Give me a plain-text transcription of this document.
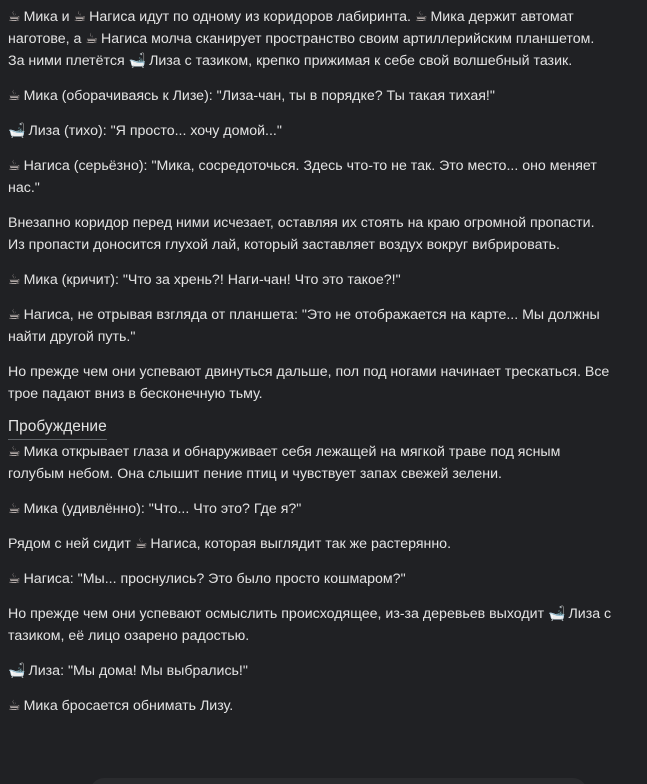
☕ Мика и ☕ Нагиса идут по одному из коридоров лабиринта. ☕ Мика держит автомат наготове, а ☕ Нагиса молча сканирует пространство своим артиллерийским планшетом. За ними плетётся 🛁 Лиза с тазиком, крепко прижимая к себе свой волшебный тазик.

☕ Мика (оборачиваясь к Лизе): "Лиза-чан, ты в порядке? Ты такая тихая!"

🛁 Лиза (тихо): "Я просто... хочу домой..."

☕ Нагиса (серьёзно): "Мика, сосредоточься. Здесь что-то не так. Это место... оно меняет нас."

Внезапно коридор перед ними исчезает, оставляя их стоять на краю огромной пропасти. Из пропасти доносится глухой лай, который заставляет воздух вокруг вибрировать.

☕ Мика (кричит): "Что за хрень?! Наги-чан! Что это такое?!"

☕ Нагиса, не отрывая взгляда от планшета: "Это не отображается на карте... Мы должны найти другой путь."

Но прежде чем они успевают двинуться дальше, пол под ногами начинает трескаться. Все трое падают вниз в бесконечную тьму.

Пробуждение

☕ Мика открывает глаза и обнаруживает себя лежащей на мягкой траве под ясным голубым небом. Она слышит пение птиц и чувствует запах свежей зелени.

☕ Мика (удивлённо): "Что... Что это? Где я?"

Рядом с ней сидит ☕ Нагиса, которая выглядит так же растерянно.

☕ Нагиса: "Мы... проснулись? Это было просто кошмаром?"

Но прежде чем они успевают осмыслить происходящее, из-за деревьев выходит 🛁 Лиза с тазиком, её лицо озарено радостью.

🛁 Лиза: "Мы дома! Мы выбрались!"

☕ Мика бросается обнимать Лизу.
